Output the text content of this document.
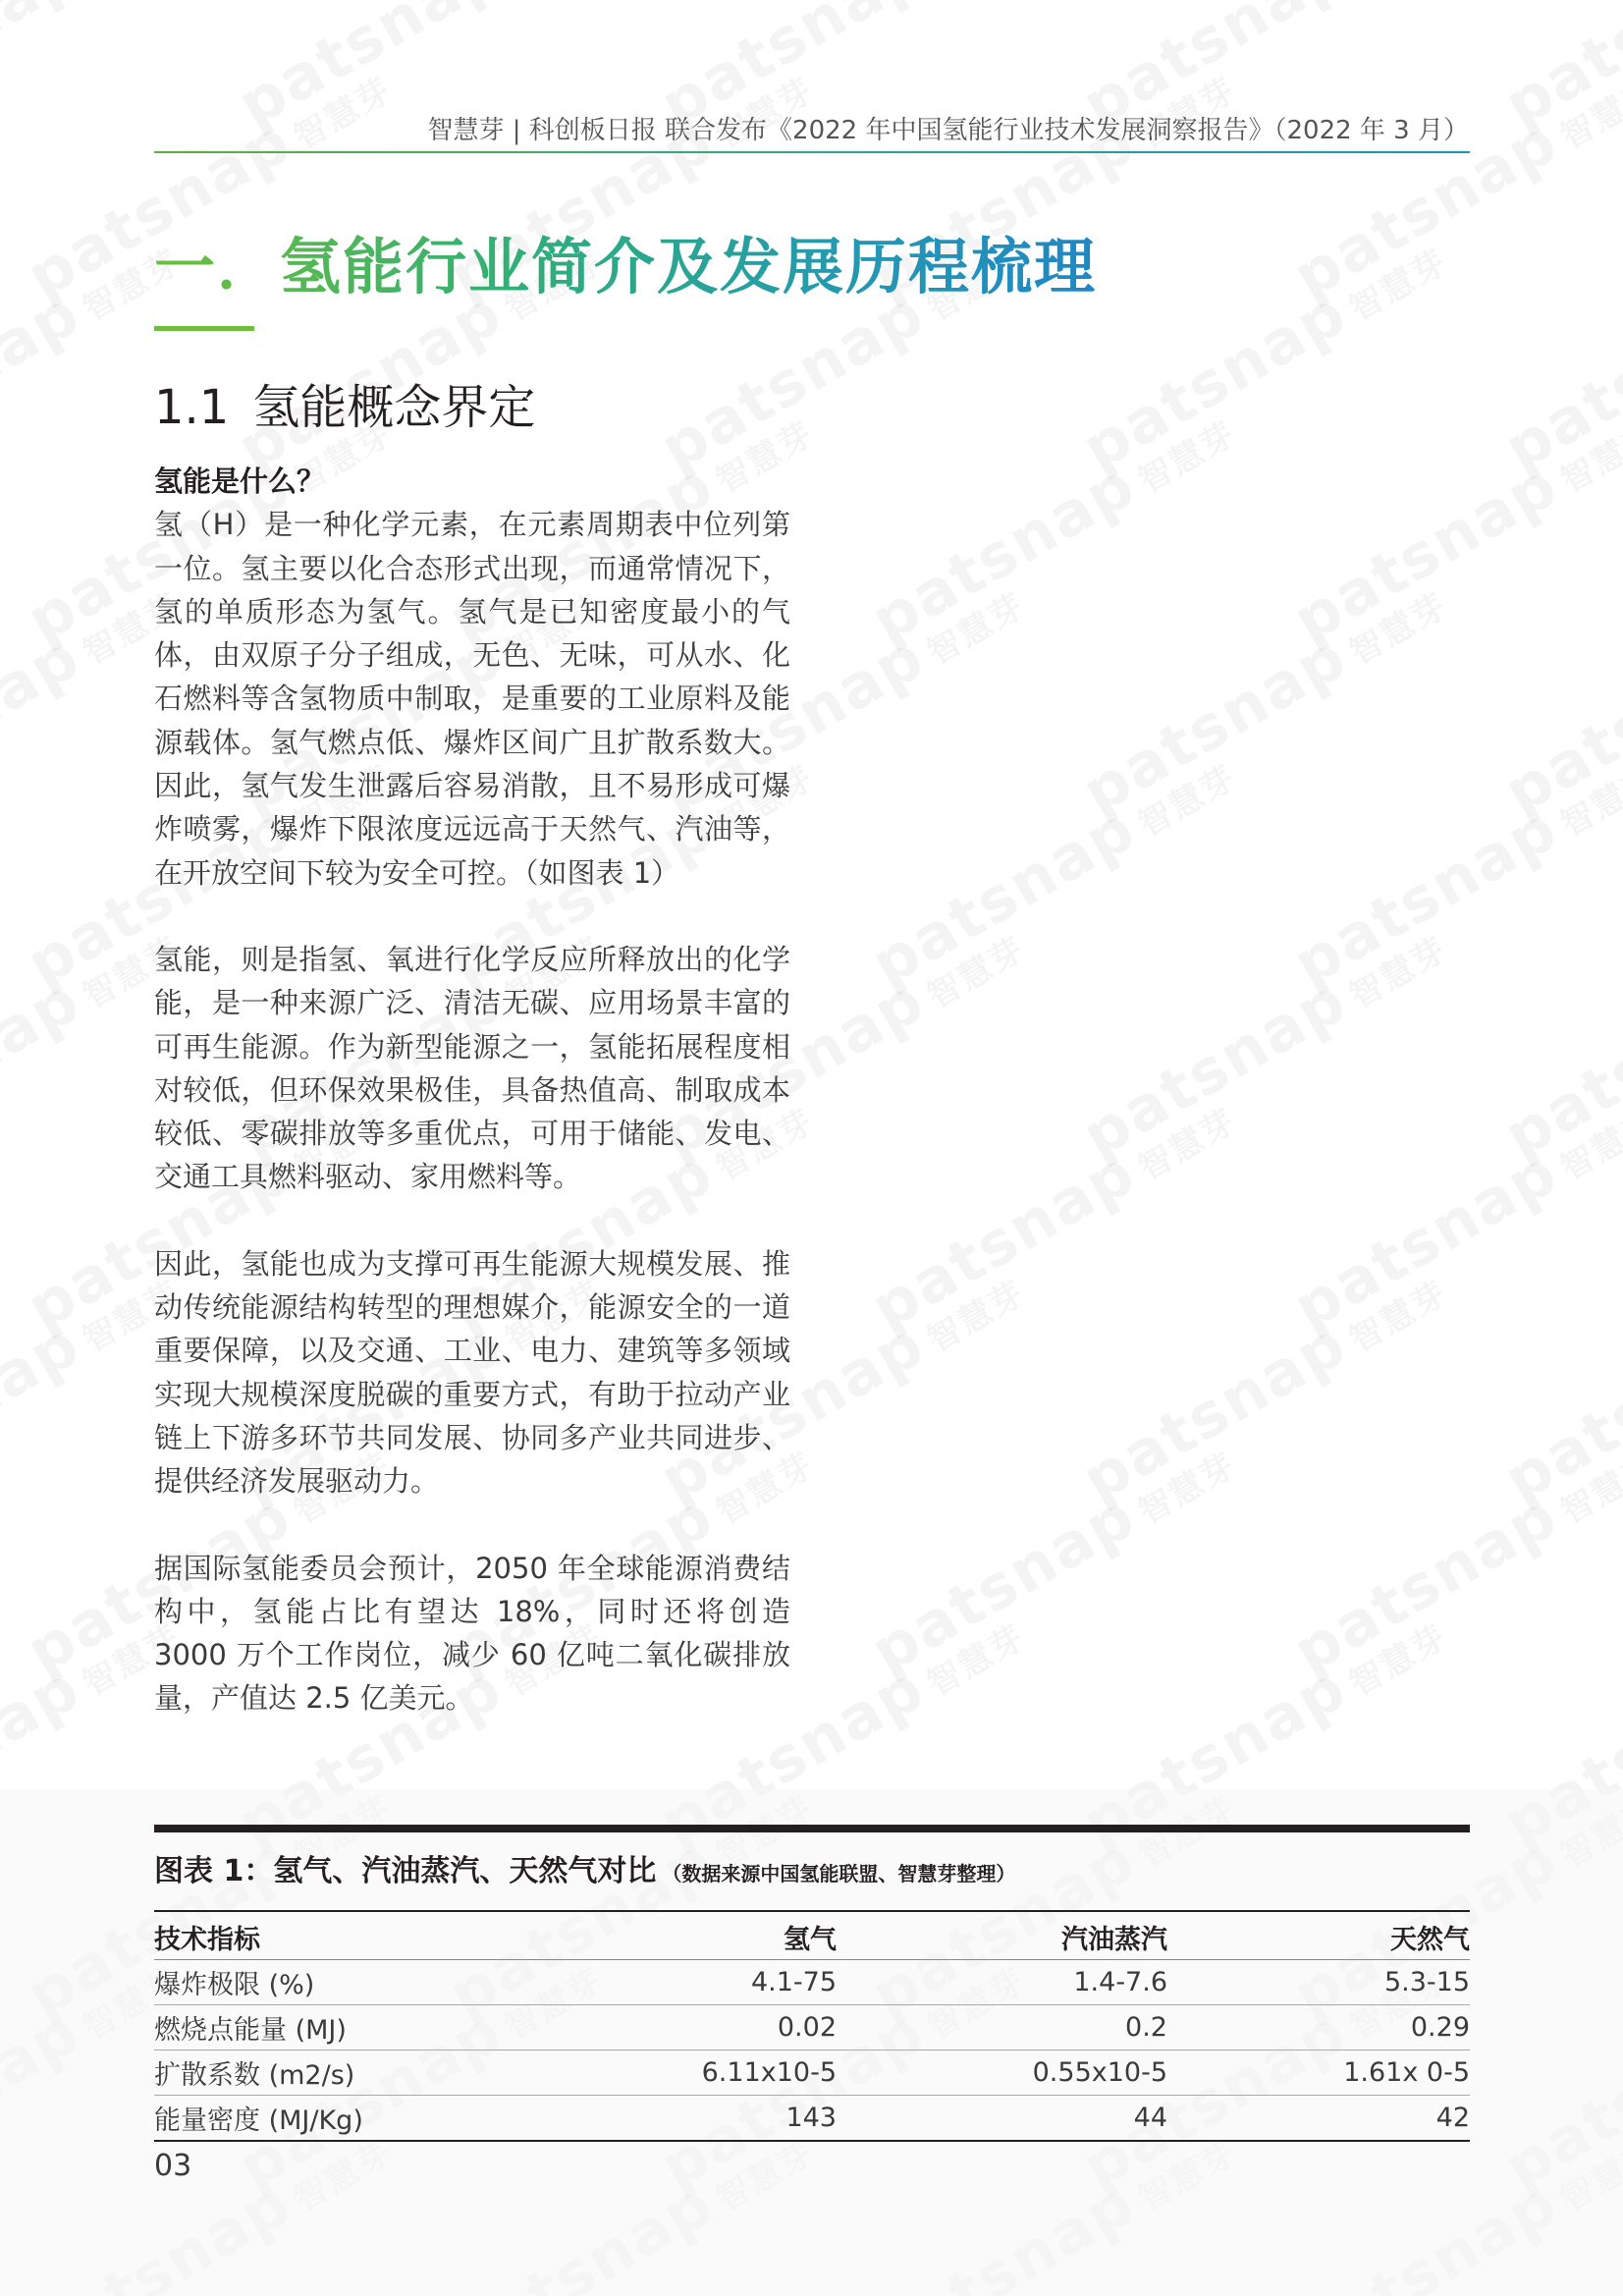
智慧芽 | 科创板日报 联合发布《2022 年中国氢能行业技术发展洞察报告》（2022 年 3 月）
一．氢能行业简介及发展历程梳理
1.1 氢能概念界定
氢能是什么？

氢（H）是一种化学元素，在元素周期表中位列第一位。氢主要以化合态形式出现，而通常情况下，氢的单质形态为氢气。氢气是已知密度最小的气体，由双原子分子组成，无色、无味，可从水、化石燃料等含氢物质中制取，是重要的工业原料及能源载体。氢气燃点低、爆炸区间广且扩散系数大。因此，氢气发生泄露后容易消散，且不易形成可爆炸喷雾，爆炸下限浓度远远高于天然气、汽油等，在开放空间下较为安全可控。（如图表 1）

氢能，则是指氢、氧进行化学反应所释放出的化学能，是一种来源广泛、清洁无碳、应用场景丰富的可再生能源。作为新型能源之一，氢能拓展程度相对较低，但环保效果极佳，具备热值高、制取成本较低、零碳排放等多重优点，可用于储能、发电、交通工具燃料驱动、家用燃料等。

因此，氢能也成为支撑可再生能源大规模发展、推动传统能源结构转型的理想媒介，能源安全的一道重要保障，以及交通、工业、电力、建筑等多领域实现大规模深度脱碳的重要方式，有助于拉动产业链上下游多环节共同发展、协同多产业共同进步、提供经济发展驱动力。

据国际氢能委员会预计，2050 年全球能源消费结构中，氢能占比有望达 18%，同时还将创造 3000 万个工作岗位，减少 60 亿吨二氧化碳排放量，产值达 2.5 亿美元。

图表 1：氢气、汽油蒸汽、天然气对比 （数据来源中国氢能联盟、智慧芽整理）
技术指标	氢气	汽油蒸汽	天然气
爆炸极限 (%)	4.1-75	1.4-7.6	5.3-15
燃烧点能量 (MJ)	0.02	0.2	0.29
扩散系数 (m2/s)	6.11x10-5	0.55x10-5	1.61x 0-5
能量密度 (MJ/Kg)	143	44	42
03
